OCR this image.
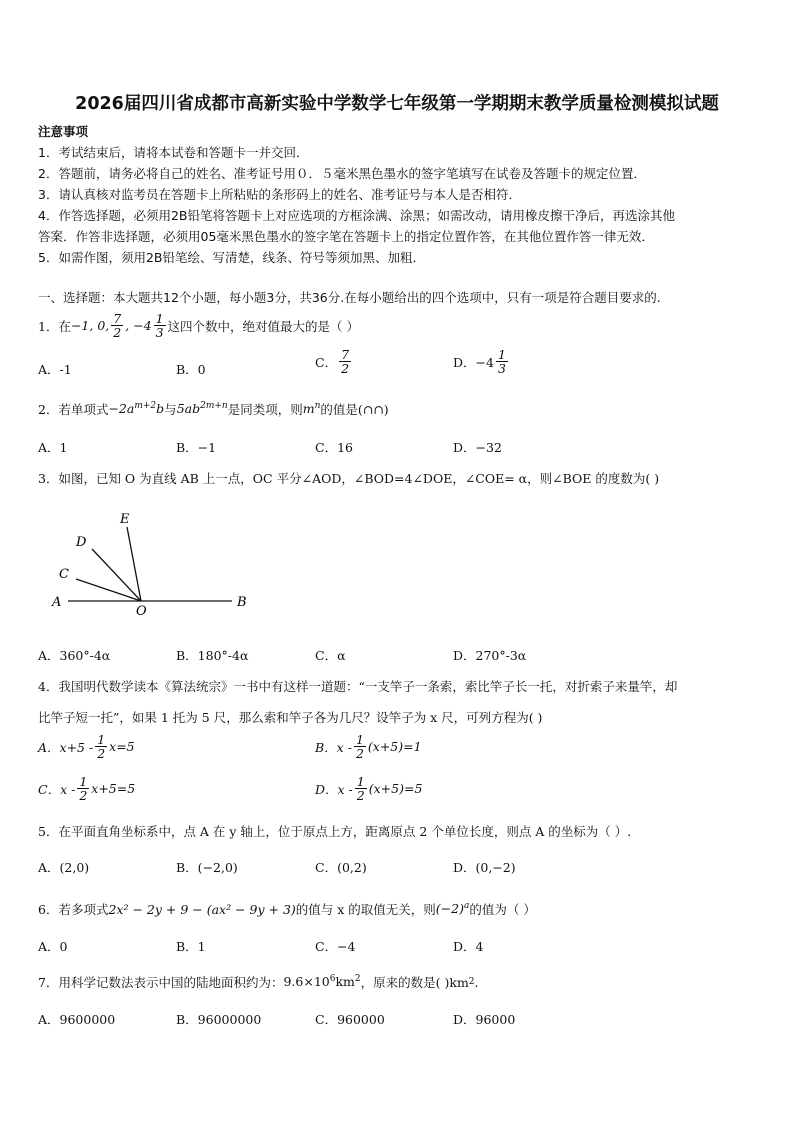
2026届四川省成都市高新实验中学数学七年级第一学期期末教学质量检测模拟试题
注意事项
1．考试结束后，请将本试卷和答题卡一并交回．
2．答题前，请务必将自己的姓名、准考证号用０．５毫米黑色墨水的签字笔填写在试卷及答题卡的规定位置．
3．请认真核对监考员在答题卡上所粘贴的条形码上的姓名、准考证号与本人是否相符．
4．作答选择题，必须用2B铅笔将答题卡上对应选项的方框涂满、涂黑；如需改动，请用橡皮擦干净后，再选涂其他
答案．作答非选择题，必须用05毫米黑色墨水的签字笔在答题卡上的指定位置作答，在其他位置作答一律无效．
5．如需作图，须用2B铅笔绘、写清楚，线条、符号等须加黑、加粗．
一、选择题：本大题共12个小题，每小题3分，共36分.在每小题给出的四个选项中，只有一项是符合题目要求的.
1．在 −1, 0, $\frac{7}{2}$ , $-4 \frac{1}{3}$ 这四个数中，绝对值最大的是（ ）
A．-1	B．0	C． $\frac{7}{2}$	D．$-4 \frac{1}{3}$
2．若单项式 $-2a^{m+2}b$ 与 $5ab^{2m+n}$ 是同类项，则 $m^n$ 的值是(∩∩)
A．1	B．−1	C．16	D．−32
3．如图，已知 O 为直线 AB 上一点，OC 平分∠AOD，∠BOD=4∠DOE，∠COE= α，则∠BOE 的度数为( )
E
D
C
A
O
B
A．360°-4α	B．180°-4α	C．α	D．270°-3α
4．我国明代数学读本《算法统宗》一书中有这样一道题：“一支竿子一条索，索比竿子长一托，对折索子来量竿，却
比竿子短一托”，如果 1 托为 5 尺，那么索和竿子各为几尺？设竿子为 x 尺，可列方程为( )
A．$x+5 - \frac{1}{2} x=5$	B．$x - \frac{1}{2} (x+5)=1$
C．$x - \frac{1}{2} x+5=5$	D．$x - \frac{1}{2} (x+5)=5$
5．在平面直角坐标系中，点 A 在 y 轴上，位于原点上方，距离原点 2 个单位长度，则点 A 的坐标为（ ）.
A．(2,0)	B．(−2,0)	C．(0,2)	D．(0,−2)
6．若多项式 2x² − 2y + 9 − (ax² − 9y + 3) 的值与 x 的取值无关，则 $(-2)^a$ 的值为（ ）
A．0	B．1	C．−4	D．4
7．用科学记数法表示中国的陆地面积约为： $9.6\times 10^6km^2$ ，原来的数是( )km 2 .
A．9600000	B．96000000	C．960000	D．96000
